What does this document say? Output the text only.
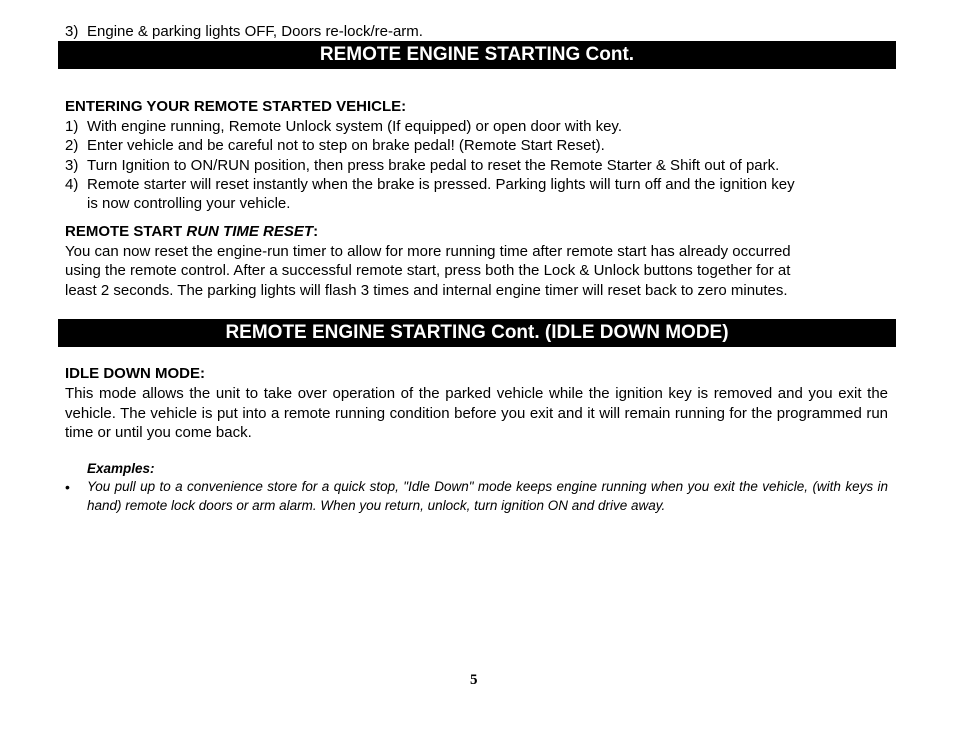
3) Engine & parking lights OFF, Doors re-lock/re-arm.
REMOTE ENGINE STARTING Cont.
ENTERING YOUR REMOTE STARTED VEHICLE:
1) With engine running, Remote Unlock system (If equipped) or open door with key.
2) Enter vehicle and be careful not to step on brake pedal! (Remote Start Reset).
3) Turn Ignition to ON/RUN position, then press brake pedal to reset the Remote Starter & Shift out of park.
4) Remote starter will reset instantly when the brake is pressed. Parking lights will turn off and the ignition key
is now controlling your vehicle.
REMOTE START RUN TIME RESET:
You can now reset the engine-run timer to allow for more running time after remote start has already occurred
using the remote control. After a successful remote start, press both the Lock & Unlock buttons together for at
least 2 seconds. The parking lights will flash 3 times and internal engine timer will reset back to zero minutes.
REMOTE ENGINE STARTING Cont. (IDLE DOWN MODE)
IDLE DOWN MODE:
This mode allows the unit to take over operation of the parked vehicle while the ignition key is removed and you exit the vehicle. The vehicle is put into a remote running condition before you exit and it will remain running for the programmed run time or until you come back.
Examples:
• You pull up to a convenience store for a quick stop, "Idle Down" mode keeps engine running when you exit the vehicle, (with keys in hand) remote lock doors or arm alarm. When you return, unlock, turn ignition ON and drive away.
5
